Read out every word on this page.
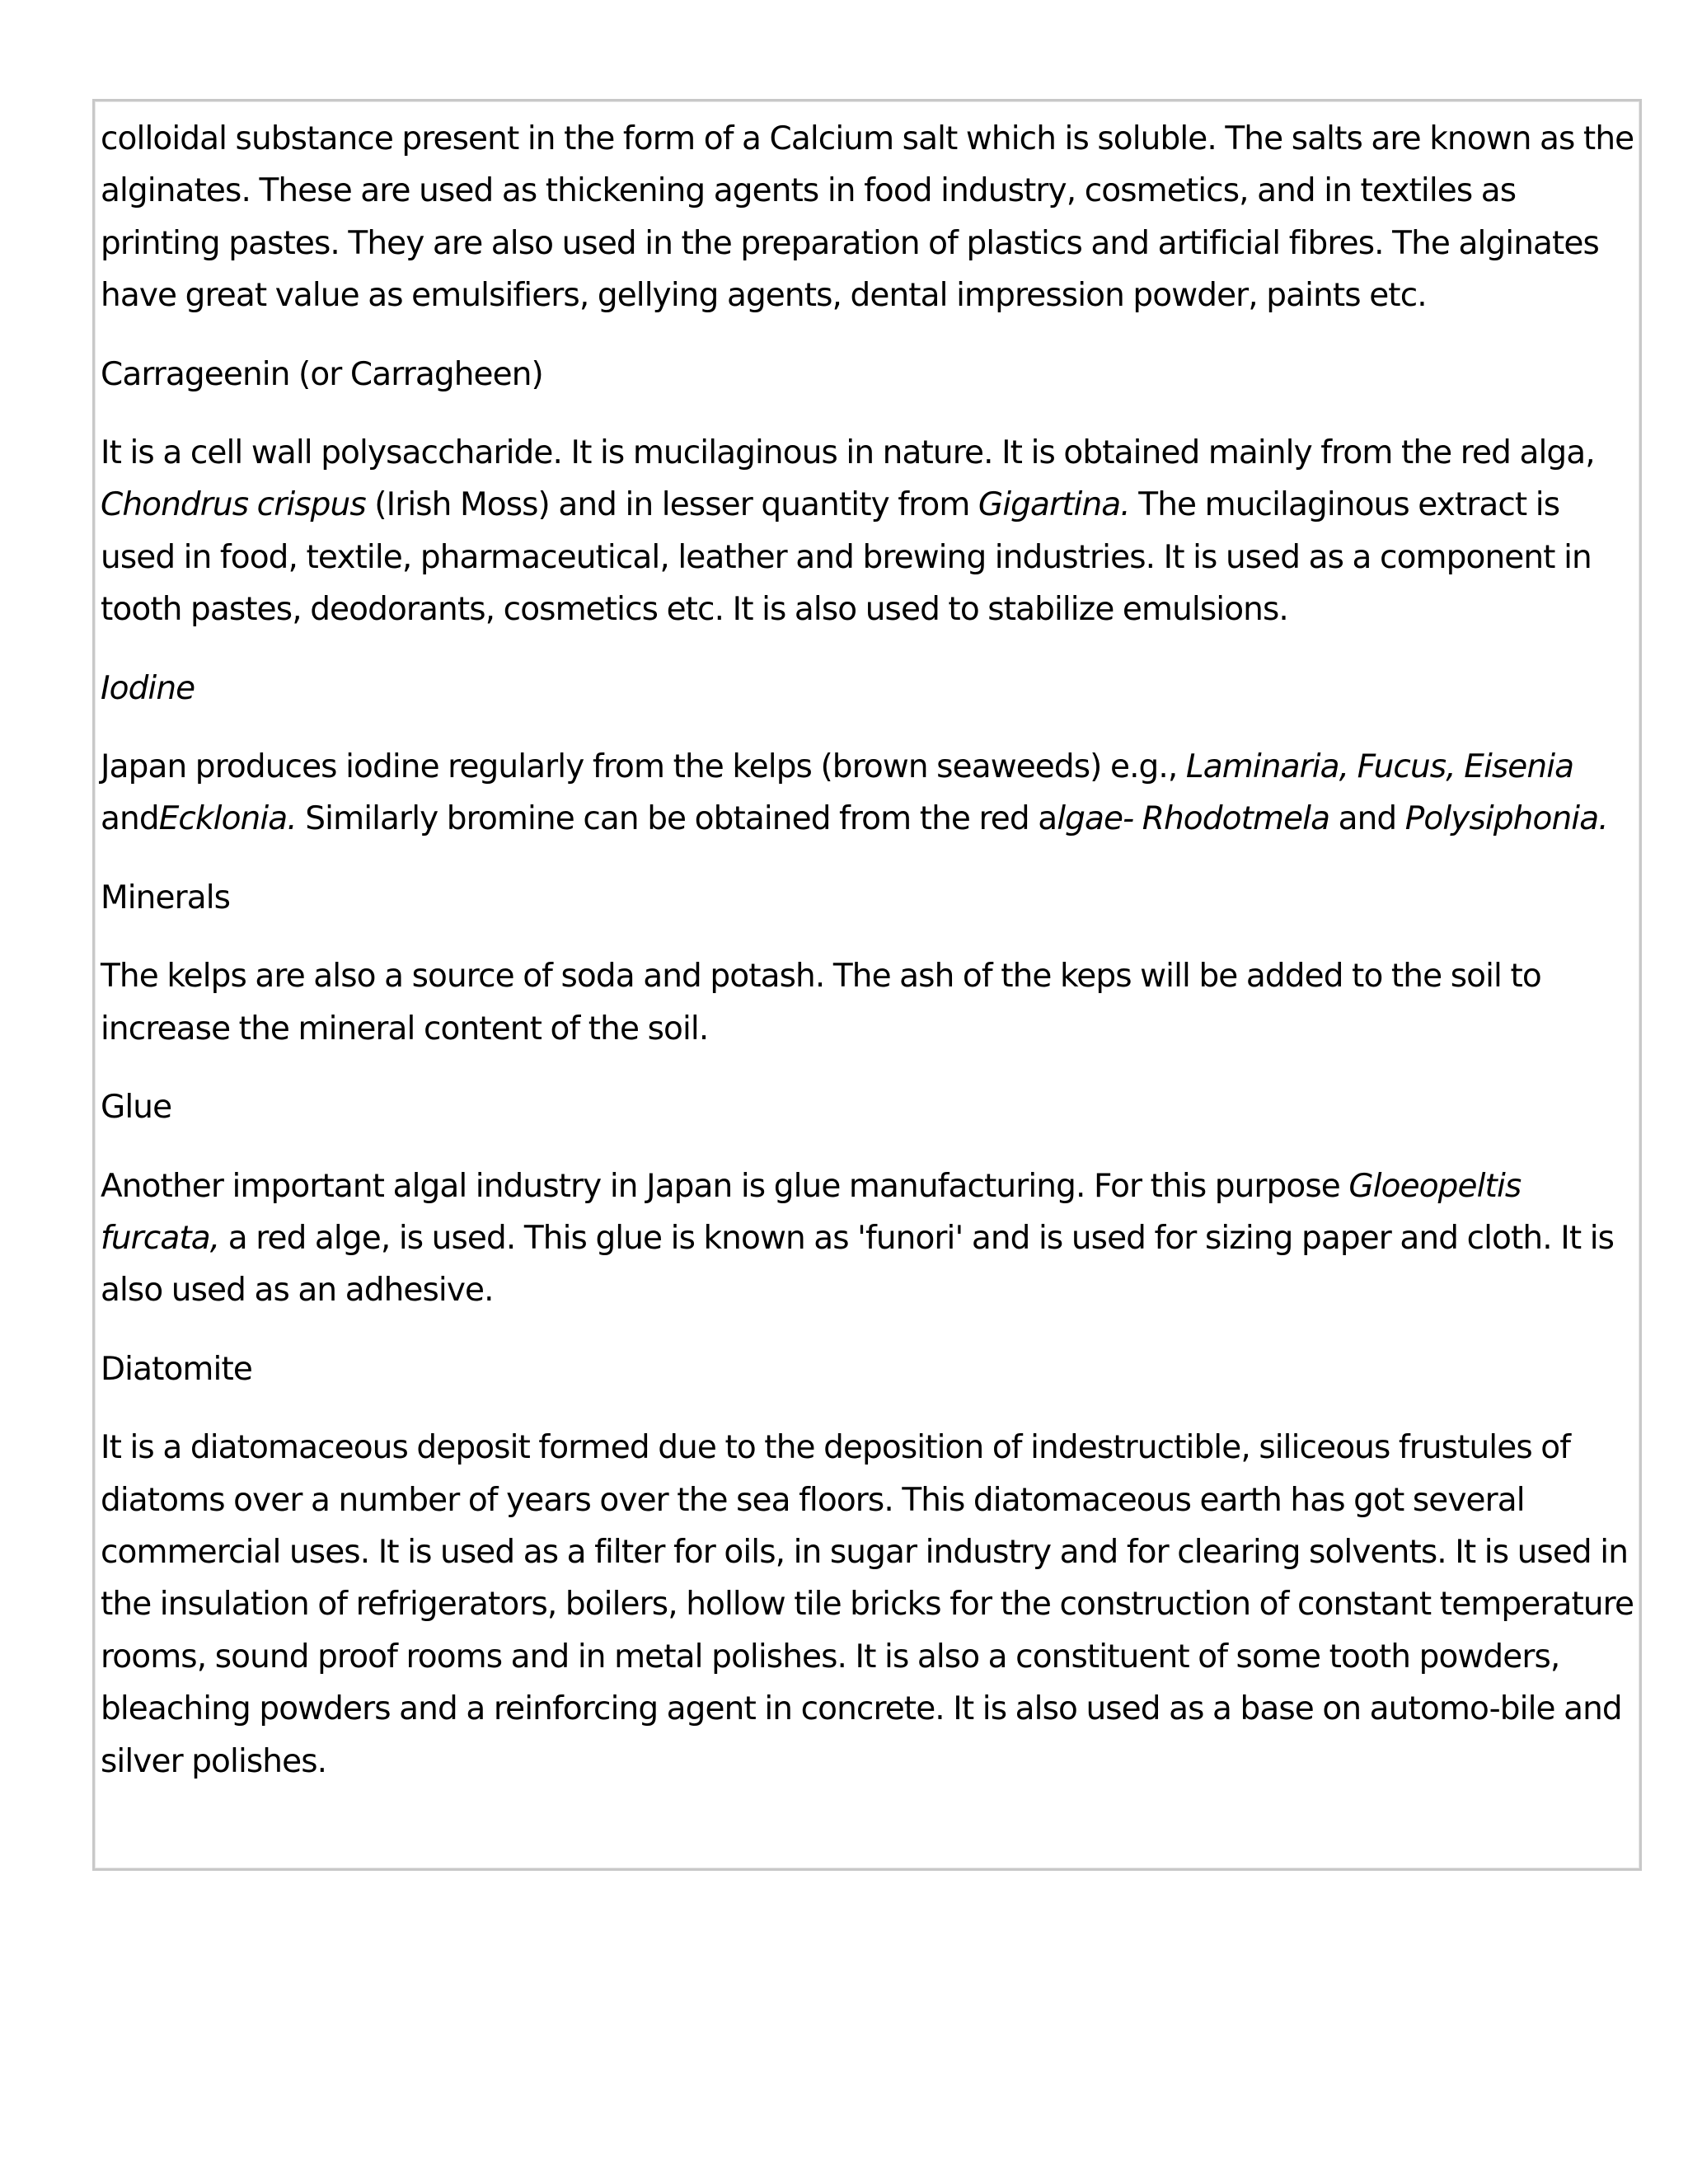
colloidal substance present in the form of a Calcium salt which is soluble. The salts are known as the alginates. These are used as thickening agents in food industry, cosmetics, and in textiles as printing pastes. They are also used in the preparation of plastics and artificial fibres. The alginates have great value as emulsifiers, gellying agents, dental impression powder, paints etc.

Carrageenin (or Carragheen)

It is a cell wall polysaccharide. It is mucilaginous in nature. It is obtained mainly from the red alga, Chondrus crispus (Irish Moss) and in lesser quantity from Gigartina. The mucilaginous extract is used in food, textile, pharmaceutical, leather and brewing industries. It is used as a component in tooth pastes, deodorants, cosmetics etc. It is also used to stabilize emulsions.

Iodine

Japan produces iodine regularly from the kelps (brown seaweeds) e.g., Laminaria, Fucus, Eisenia andEcklonia. Similarly bromine can be obtained from the red algae- Rhodotmela and Polysiphonia.

Minerals

The kelps are also a source of soda and potash. The ash of the keps will be added to the soil to increase the mineral content of the soil.

Glue

Another important algal industry in Japan is glue manufacturing. For this purpose Gloeopeltis furcata, a red alge, is used. This glue is known as 'funori' and is used for sizing paper and cloth. It is also used as an adhesive.

Diatomite

It is a diatomaceous deposit formed due to the deposition of indestructible, siliceous frustules of diatoms over a number of years over the sea floors. This diatomaceous earth has got several commercial uses. It is used as a filter for oils, in sugar industry and for clearing solvents. It is used in the insulation of refrigerators, boilers, hollow tile bricks for the construction of constant temperature rooms, sound proof rooms and in metal polishes. It is also a constituent of some tooth powders, bleaching powders and a reinforcing agent in concrete. It is also used as a base on automo-bile and silver polishes.
